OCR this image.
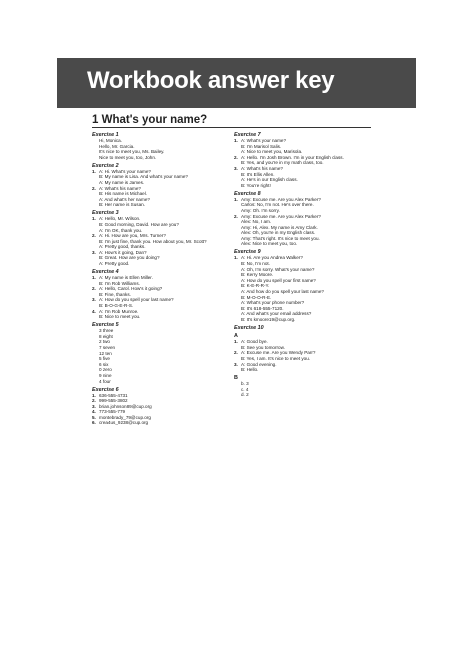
Workbook answer key
1 What's your name?
Exercise 1
Hi, Monica.
Hello, Mr. Garcia.
It's nice to meet you, Ms. Bailey.
Nice to meet you, too, John.
Exercise 2
1. A: Hi. What's your name?
B: My name is Lisa. And what's your name?
A: My name is James.
2. A: What's his name?
B: His name is Michael.
A: And what's her name?
B: Her name is Susan.
Exercise 3
1. A: Hello, Mr. Wilson.
B: Good morning, David. How are you?
A: I'm OK, thank you.
2. A: Hi. How are you, Mrs. Turner?
B: I'm just fine, thank you. How about you, Mr. Scott?
A: Pretty good, thanks.
3. A: How's it going, Dan?
B: Great. How are you doing?
A: Pretty good.
Exercise 4
1. A: My name is Ellen Miller.
B: I'm Rob Williams.
2. A: Hello, Carol. How's it going?
B: Fine, thanks.
3. A: How do you spell your last name?
B: B-O-G-E-R-S.
4. A: I'm Rob Munroe.
B: Nice to meet you.
Exercise 5
3 three
8 eight
2 two
7 seven
12 ten
5 five
6 six
0 zero
9 nine
4 four
Exercise 6
1. 636-555-4731
2. 999-555-3802
3. brian.johnson89@cup.org
4. 773-555-779
5. montebrady_79@cup.org
6. crea4us_9238@cup.org
Exercise 7
1. A: What's your name?
B: I'm Marisol Salis.
A: Nice to meet you, Marisola.
2. A: Hello. I'm Josh Brown. I'm in your English class.
B: Yes, and you're in my math class, too.
3. A: What's his name?
B: It's Ellis Allen.
A: He's in our English class.
B: You're right!
Exercise 8
1. Amy: Excuse me. Are you Alex Parker?
Carlos: No, I'm not. He's over there.
Amy: Oh. I'm sorry.
2. Amy: Excuse me. Are you Alex Parker?
Alex: No, I am.
Amy: Hi, Alex. My name is Amy Clark.
Alex: Oh, you're in my English class.
Amy: That's right. It's nice to meet you.
Alex: Nice to meet you, too.
Exercise 9
1. A: Hi. Are you Andrea Walker?
B: No, I'm not.
A: Oh, I'm sorry. What's your name?
B: Kerry Moore.
A: How do you spell your first name?
B: K-E-R-R-Y.
A: And how do you spell your last name?
B: M-O-O-R-E.
A: What's your phone number?
B: It's 618-555-7120.
A: And what's your email address?
B: It's kmoore19@cup.org.
Exercise 10
A
1. A: Good bye.
B: See you tomorrow.
2. A: Excuse me. Are you Wendy Parr?
B: Yes, I am. It's nice to meet you.
3. A: Good evening.
B: Hello.
B
b. 3
c. 4
d. 2
